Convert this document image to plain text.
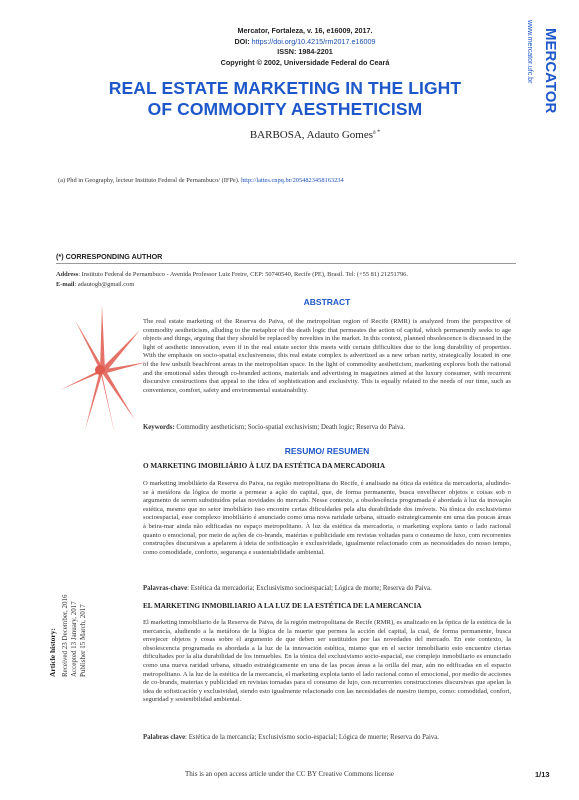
Mercator, Fortaleza, v. 16, e16009, 2017.
DOI: https://doi.org/10.4215/rm2017.e16009
ISSN: 1984-2201
Copyright © 2002, Universidade Federal do Ceará	MERCATOR
www.mercator.ufc.br
REAL ESTATE MARKETING IN THE LIGHT
OF COMMODITY AESTHETICISM
BARBOSA, Adauto Gomes$^{a *}$
(a) Phd in Geography, lecteur Instituto Federal de Pernambuco/ (IFPe). http://lattes.cnpq.br/2054823458163234
(*) CORRESPONDING AUTHOR
Address: Instituto Federal de Pernambuco - Avenida Professor Luiz Freire, CEP: 50740540, Recife (PE), Brasil. Tel: (+55 81) 21251796.
E-mail: adautogb@gmail.com
ABSTRACT
The real estate marketing of the Reserva do Paiva, of the metropolitan region of Recife (RMR) is analyzed from the perspective of commodity aestheticism, alluding to the metaphor of the death logic that permeates the action of capital, which permanently seeks to age objects and things, arguing that they should be replaced by novelties in the market. In this context, planned obsolescence is discussed in the light of aesthetic innovation, even if in the real estate sector this meets with certain difficulties due to the long durability of properties. With the emphasis on socio-spatial exclusiveness, this real estate complex is advertized as a new urban rarity, strategically located in one of the few unbuilt beachfront areas in the metropolitan space. In the light of commodity aestheticism, marketing explores both the rational and the emotional sides through co-branded actions, materials and advertising in magazines aimed at the luxury consumer, with recurrent discursive constructions that appeal to the idea of sophistication and exclusivity. This is equally related to the needs of our time, such as convenience, comfort, safety and environmental sustainability.
Keywords: Commodity aestheticism; Socio-spatial exclusivism; Death logic; Reserva do Paiva.
RESUMO/ RESUMEN
O MARKETING IMOBILIÁRIO À LUZ DA ESTÉTICA DA MERCADORIA
O marketing imobiliário da Reserva do Paiva, na região metropolitana do Recife, é analisado na ótica da estética da mercadoria, aludindo-se à metáfora da lógica de morte a permear a ação do capital, que, de forma permanente, busca envelhecer objetos e coisas sob o argumento de serem substituídos pelas novidades do mercado. Nesse contexto, a obsolescência programada é abordada à luz da inovação estética, mesmo que no setor imobiliário isso encontre certas dificuldades pela alta durabilidade dos imóveis. Na tônica do exclusivismo socioespacial, esse complexo imobiliário é anunciado como uma nova raridade urbana, situado estrategicamente em uma das poucas áreas à beira-mar ainda não edificadas no espaço metropolitano. À luz da estética da mercadoria, o marketing explora tanto o lado racional quanto o emocional, por meio de ações de co-brands, matérias e publicidade em revistas voltadas para o consumo de luxo, com recorrentes construções discursivas a apelarem à ideia de sofisticação e exclusividade, igualmente relacionado com as necessidades do nosso tempo, como comodidade, conforto, segurança e sustentabilidade ambiental.
Palavras-chave: Estética da mercadoria; Exclusivismo socioespacial; Lógica de morte; Reserva do Paiva.
EL MARKETING INMOBILIARIO A LA LUZ DE LA ESTÉTICA DE LA MERCANCIA
El marketing inmobiliario de la Reserva de Paiva, de la región metropolitana de Recife (RMR), es analizado en la óptica de la estética de la mercancía, aludiendo a la metáfora de la lógica de la muerte que permea la acción del capital, la cual, de forma permanente, busca envejecer objetos y cosas sobre el argumento de que deben ser sustituidos por las novedades del mercado. En este contexto, la obsolescencia programada es abordada a la luz de la innovación estética, mismo que en el sector inmobiliario esto encuentre ciertas dificultades por la alta durabilidad de los inmuebles. En la tónica del exclusivismo socio-espacial, ese complejo inmobiliario es enunciado como una nueva raridad urbana, situado estratégicamente en una de las pocas áreas a la orilla del mar, aún no edificadas en el espacio metropolitano. A la luz de la estética de la mercancía, el marketing explota tanto el lado racional como el emocional, por medio de acciones de co-brands, materias y publicidad en revistas tornadas para el consumo de lujo, con recurrentes construcciones discursivas que apelan la idea de sofisticación y exclusividad, siendo esto igualmente relacionado con las necesidades de nuestro tiempo, como: comodidad, confort, seguridad y sostenibilidad ambiental.
Palabras clave: Estética de la mercancía; Exclusivismo socio-espacial; Lógica de muerte; Reserva do Paiva.
Article history: Received 23 December, 2016 Accepted 13 January, 2017 Publisher 15 March, 2017
This is an open access article under the CC BY Creative Commons license	1/13
